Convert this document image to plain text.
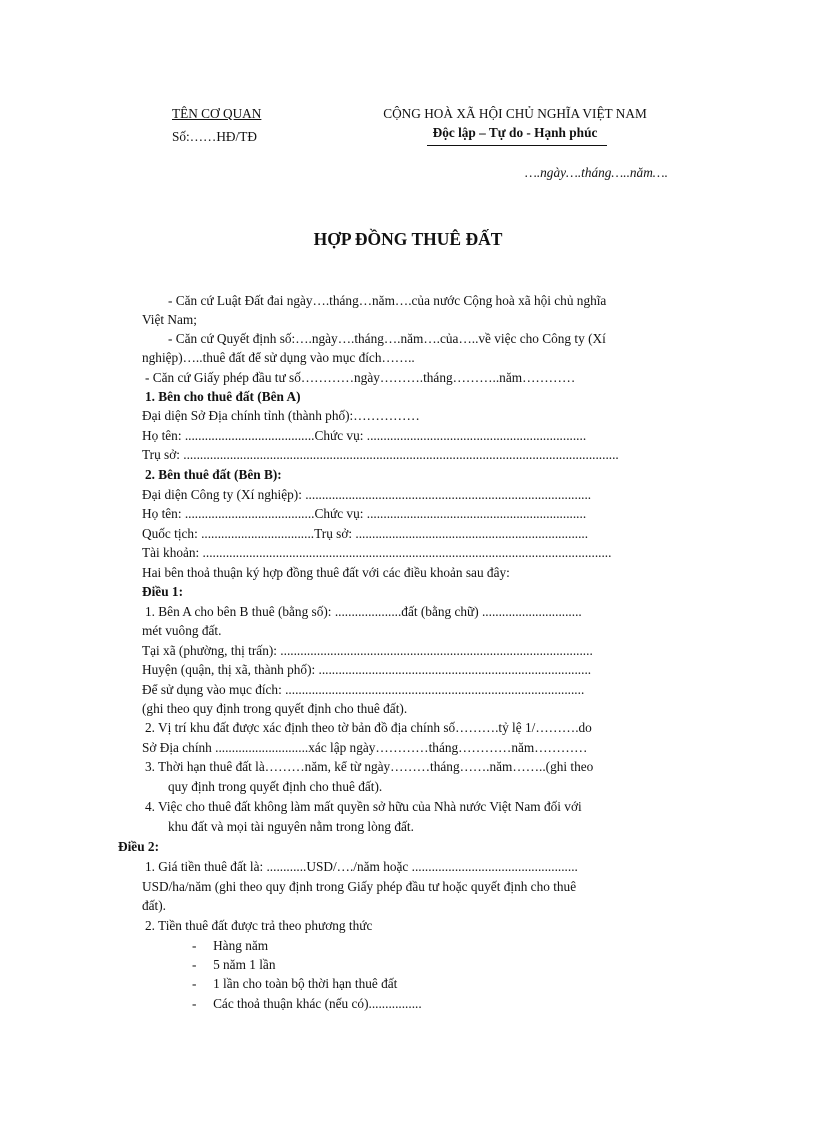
TÊN CƠ QUAN
Số:……HĐ/TĐ
CỘNG HOÀ XÃ HỘI CHỦ NGHĨA VIỆT NAM
Độc lập – Tự do - Hạnh phúc
….ngày….tháng…..năm….
HỢP ĐỒNG THUÊ ĐẤT
- Căn cứ Luật Đất đai ngày….tháng…năm….của nước Cộng hoà xã hội chủ nghĩa
Việt Nam;
- Căn cứ Quyết định số:….ngày….tháng….năm….của…..về việc cho Công ty (Xí
nghiệp)…..thuê đất để sử dụng vào mục đích……..
- Căn cứ Giấy phép đầu tư số…………ngày……….tháng………..năm…………
1. Bên cho thuê đất (Bên A)
Đại diện Sở Địa chính tỉnh (thành phố):……………
Họ tên: .......................................Chức vụ: ..................................................................
Trụ sở: ...................................................................................................................................
2. Bên thuê đất (Bên B):
Đại diện Công ty (Xí nghiệp): ......................................................................................
Họ tên: .......................................Chức vụ: ..................................................................
Quốc tịch: ..................................Trụ sở: ......................................................................
Tài khoản: ...........................................................................................................................
Hai bên thoả thuận ký hợp đồng thuê đất với các điều khoản sau đây:
Điều 1:
1. Bên A cho bên B thuê (bằng số): ....................đất (bằng chữ) ..............................
mét vuông đất.
Tại xã (phường, thị trấn): ..............................................................................................
Huyện (quận, thị xã, thành phố): ..................................................................................
Để sử dụng vào mục đích: ..........................................................................................
(ghi theo quy định trong quyết định cho thuê đất).
2. Vị trí khu đất được xác định theo tờ bản đồ địa chính số……….tỷ lệ 1/……….do
Sở Địa chính ............................xác lập ngày…………tháng…………năm…………
3. Thời hạn thuê đất là………năm, kể từ ngày………tháng…….năm……..(ghi theo
quy định trong quyết định cho thuê đất).
4. Việc cho thuê đất không làm mất quyền sở hữu của Nhà nước Việt Nam đối với
khu đất và mọi tài nguyên nằm trong lòng đất.
Điều 2:
1. Giá tiền thuê đất là: ............USD/…./năm hoặc ..................................................
USD/ha/năm (ghi theo quy định trong Giấy phép đầu tư hoặc quyết định cho thuê
đất).
2. Tiền thuê đất được trả theo phương thức
-     Hàng năm
-     5 năm 1 lần
-     1 lần cho toàn bộ thời hạn thuê đất
-     Các thoả thuận khác (nếu có)................
